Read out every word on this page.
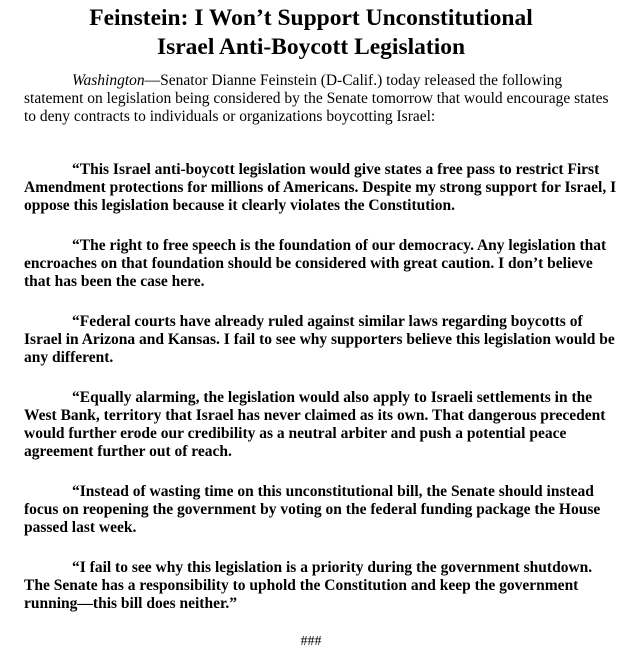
Feinstein: I Won’t Support Unconstitutional
Israel Anti-Boycott Legislation

Washington—Senator Dianne Feinstein (D-Calif.) today released the following statement on legislation being considered by the Senate tomorrow that would encourage states to deny contracts to individuals or organizations boycotting Israel:

“This Israel anti-boycott legislation would give states a free pass to restrict First Amendment protections for millions of Americans. Despite my strong support for Israel, I oppose this legislation because it clearly violates the Constitution.

“The right to free speech is the foundation of our democracy. Any legislation that encroaches on that foundation should be considered with great caution. I don’t believe that has been the case here.

“Federal courts have already ruled against similar laws regarding boycotts of Israel in Arizona and Kansas. I fail to see why supporters believe this legislation would be any different.

“Equally alarming, the legislation would also apply to Israeli settlements in the West Bank, territory that Israel has never claimed as its own. That dangerous precedent would further erode our credibility as a neutral arbiter and push a potential peace agreement further out of reach.

“Instead of wasting time on this unconstitutional bill, the Senate should instead focus on reopening the government by voting on the federal funding package the House passed last week.

“I fail to see why this legislation is a priority during the government shutdown. The Senate has a responsibility to uphold the Constitution and keep the government running—this bill does neither.”

###
